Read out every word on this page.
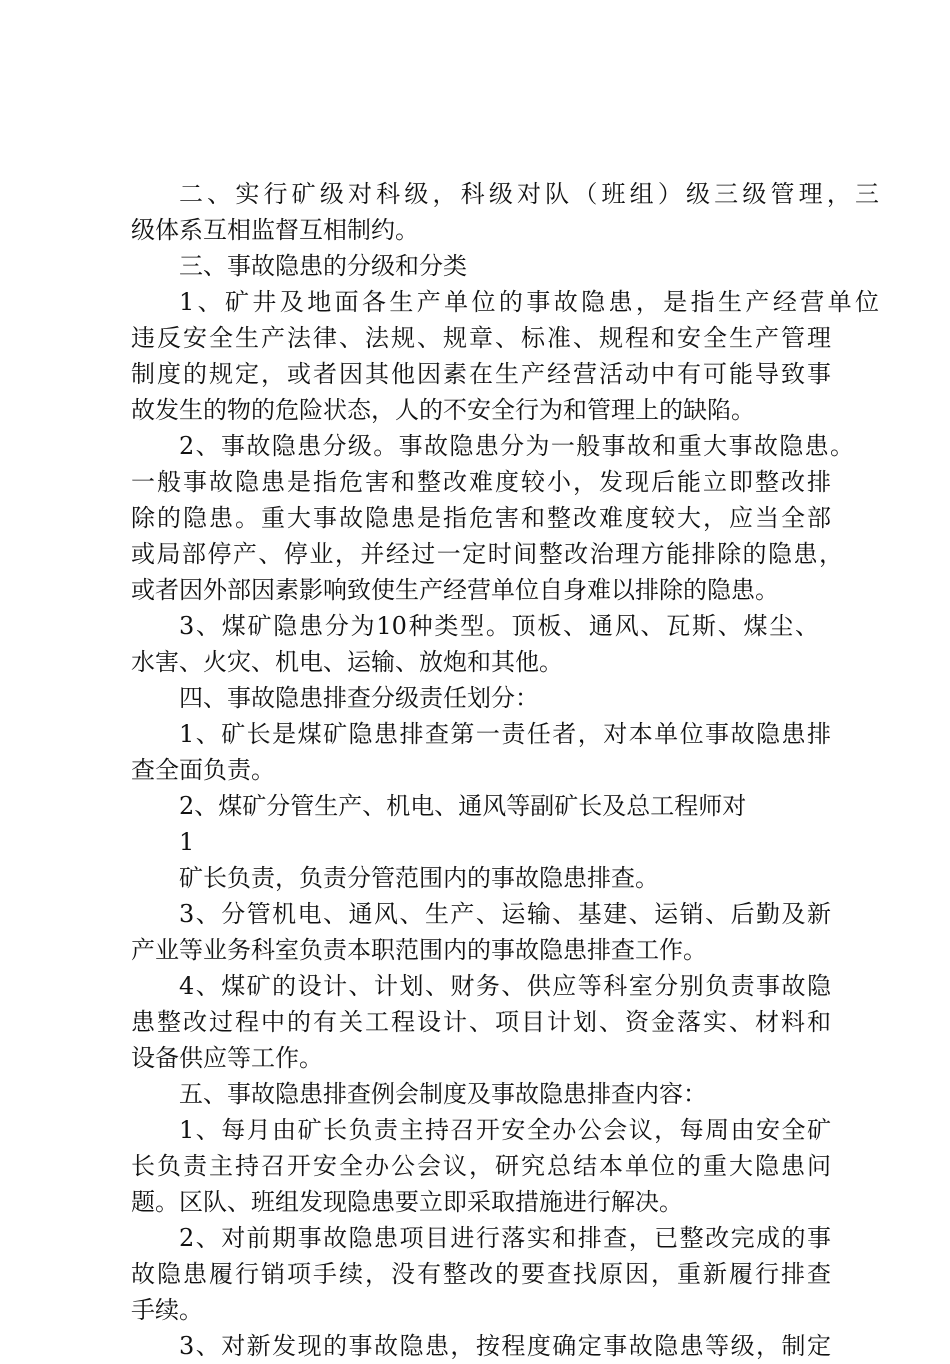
二、实行矿级对科级，科级对队（班组）级三级管理，三
级体系互相监督互相制约。
三、事故隐患的分级和分类
1、矿井及地面各生产单位的事故隐患，是指生产经营单位
违反安全生产法律、法规、规章、标准、规程和安全生产管理
制度的规定，或者因其他因素在生产经营活动中有可能导致事
故发生的物的危险状态，人的不安全行为和管理上的缺陷。
2、事故隐患分级。事故隐患分为一般事故和重大事故隐患。
一般事故隐患是指危害和整改难度较小，发现后能立即整改排
除的隐患。重大事故隐患是指危害和整改难度较大，应当全部
或局部停产、停业，并经过一定时间整改治理方能排除的隐患，
或者因外部因素影响致使生产经营单位自身难以排除的隐患。
3、煤矿隐患分为10种类型。顶板、通风、瓦斯、煤尘、
水害、火灾、机电、运输、放炮和其他。
四、事故隐患排查分级责任划分：
1、矿长是煤矿隐患排查第一责任者，对本单位事故隐患排
查全面负责。
2、煤矿分管生产、机电、通风等副矿长及总工程师对
1
矿长负责，负责分管范围内的事故隐患排查。
3、分管机电、通风、生产、运输、基建、运销、后勤及新
产业等业务科室负责本职范围内的事故隐患排查工作。
4、煤矿的设计、计划、财务、供应等科室分别负责事故隐
患整改过程中的有关工程设计、项目计划、资金落实、材料和
设备供应等工作。
五、事故隐患排查例会制度及事故隐患排查内容：
1、每月由矿长负责主持召开安全办公会议，每周由安全矿
长负责主持召开安全办公会议，研究总结本单位的重大隐患问
题。区队、班组发现隐患要立即采取措施进行解决。
2、对前期事故隐患项目进行落实和排查，已整改完成的事
故隐患履行销项手续，没有整改的要查找原因，重新履行排查
手续。
3、对新发现的事故隐患，按程度确定事故隐患等级，制定
